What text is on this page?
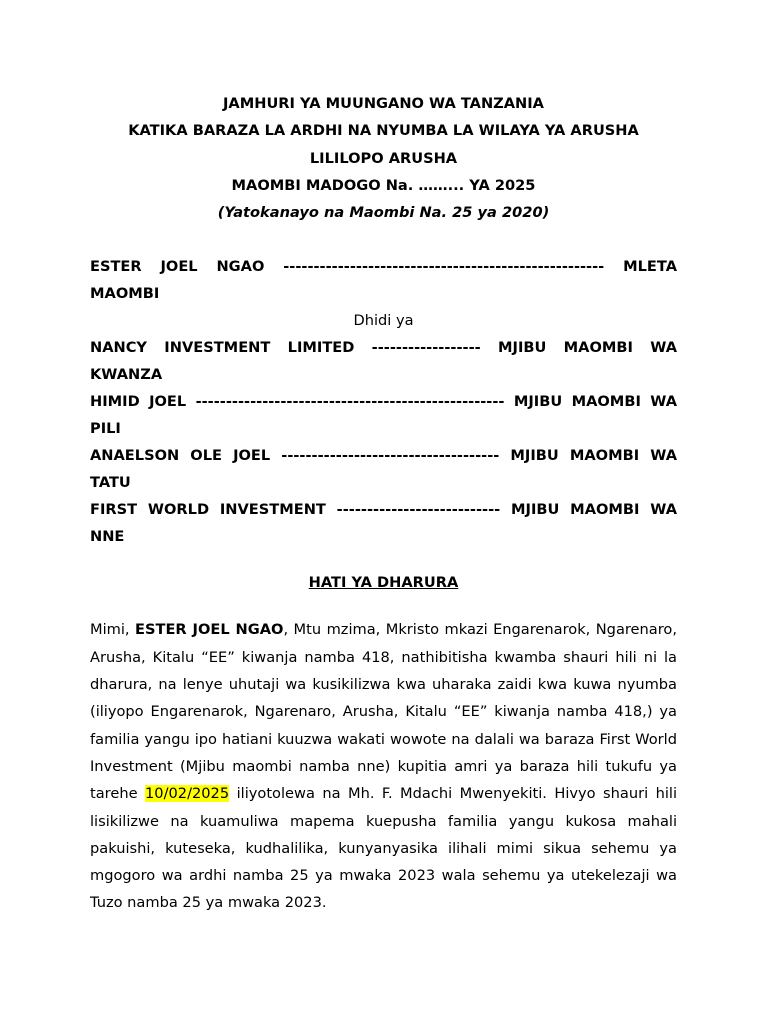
JAMHURI YA MUUNGANO WA TANZANIA
KATIKA BARAZA LA ARDHI NA NYUMBA LA WILAYA YA ARUSHA
LILILOPO ARUSHA
MAOMBI MADOGO Na. ……... YA 2025
(Yatokanayo na Maombi Na. 25 ya 2020)
ESTER JOEL NGAO ----------------------------------------------------- MLETA MAOMBI
Dhidi ya
NANCY INVESTMENT LIMITED ------------------ MJIBU MAOMBI WA KWANZA
HIMID JOEL --------------------------------------------------- MJIBU MAOMBI WA PILI
ANAELSON OLE JOEL ------------------------------------ MJIBU MAOMBI WA TATU
FIRST WORLD INVESTMENT --------------------------- MJIBU MAOMBI WA NNE
HATI YA DHARURA

Mimi, ESTER JOEL NGAO, Mtu mzima, Mkristo mkazi Engarenarok, Ngarenaro, Arusha, Kitalu “EE” kiwanja namba 418, nathibitisha kwamba shauri hili ni la dharura, na lenye uhutaji wa kusikilizwa kwa uharaka zaidi kwa kuwa nyumba (iliyopo Engarenarok, Ngarenaro, Arusha, Kitalu “EE” kiwanja namba 418,) ya familia yangu ipo hatiani kuuzwa wakati wowote na dalali wa baraza First World Investment (Mjibu maombi namba nne) kupitia amri ya baraza hili tukufu ya tarehe 10/02/2025 iliyotolewa na Mh. F. Mdachi Mwenyekiti. Hivyo shauri hili lisikilizwe na kuamuliwa mapema kuepusha familia yangu kukosa mahali pakuishi, kuteseka, kudhalilika, kunyanyasika ilihali mimi sikua sehemu ya mgogoro wa ardhi namba 25 ya mwaka 2023 wala sehemu ya utekelezaji wa Tuzo namba 25 ya mwaka 2023.
